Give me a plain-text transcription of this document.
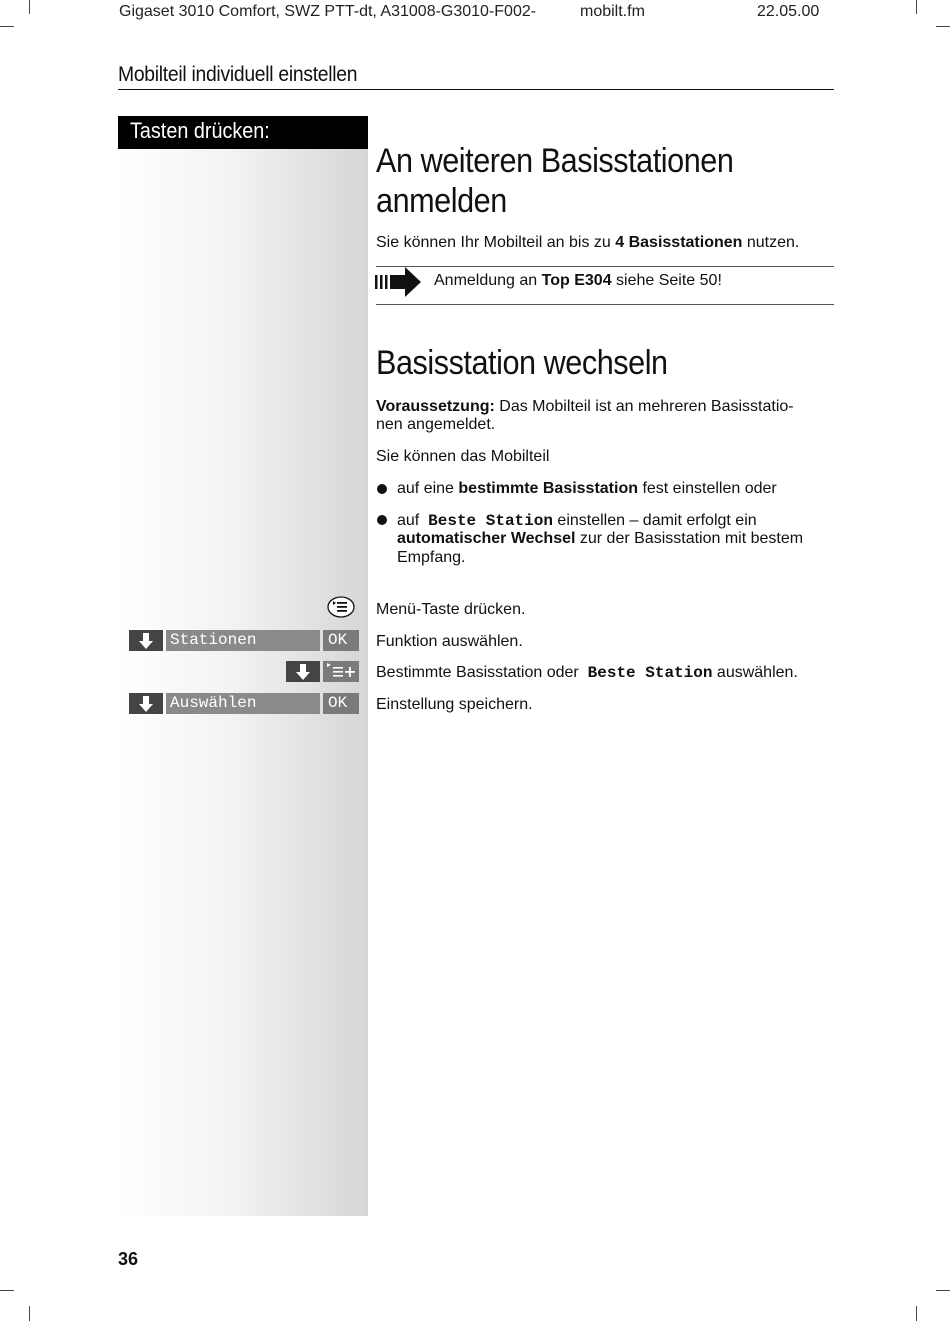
Gigaset 3010 Comfort, SWZ PTT-dt, A31008-G3010-F002-	mobilt.fm	22.05.00
Mobilteil individuell einstellen
Tasten drücken:
An weiteren Basisstationen
anmelden
Sie können Ihr Mobilteil an bis zu 4 Basisstationen nutzen.
Anmeldung an Top E304 siehe Seite 50!
Basisstation wechseln
Voraussetzung: Das Mobilteil ist an mehreren Basisstatio-
nen angemeldet.
Sie können das Mobilteil
auf eine bestimmte Basisstation fest einstellen oder
auf  Beste Station einstellen – damit erfolgt ein
automatischer Wechsel zur der Basisstation mit bestem
Empfang.
Menü-Taste drücken.
Stationen	OK	Funktion auswählen.
Bestimmte Basisstation oder  Beste Station auswählen.
Auswählen	OK	Einstellung speichern.
36
